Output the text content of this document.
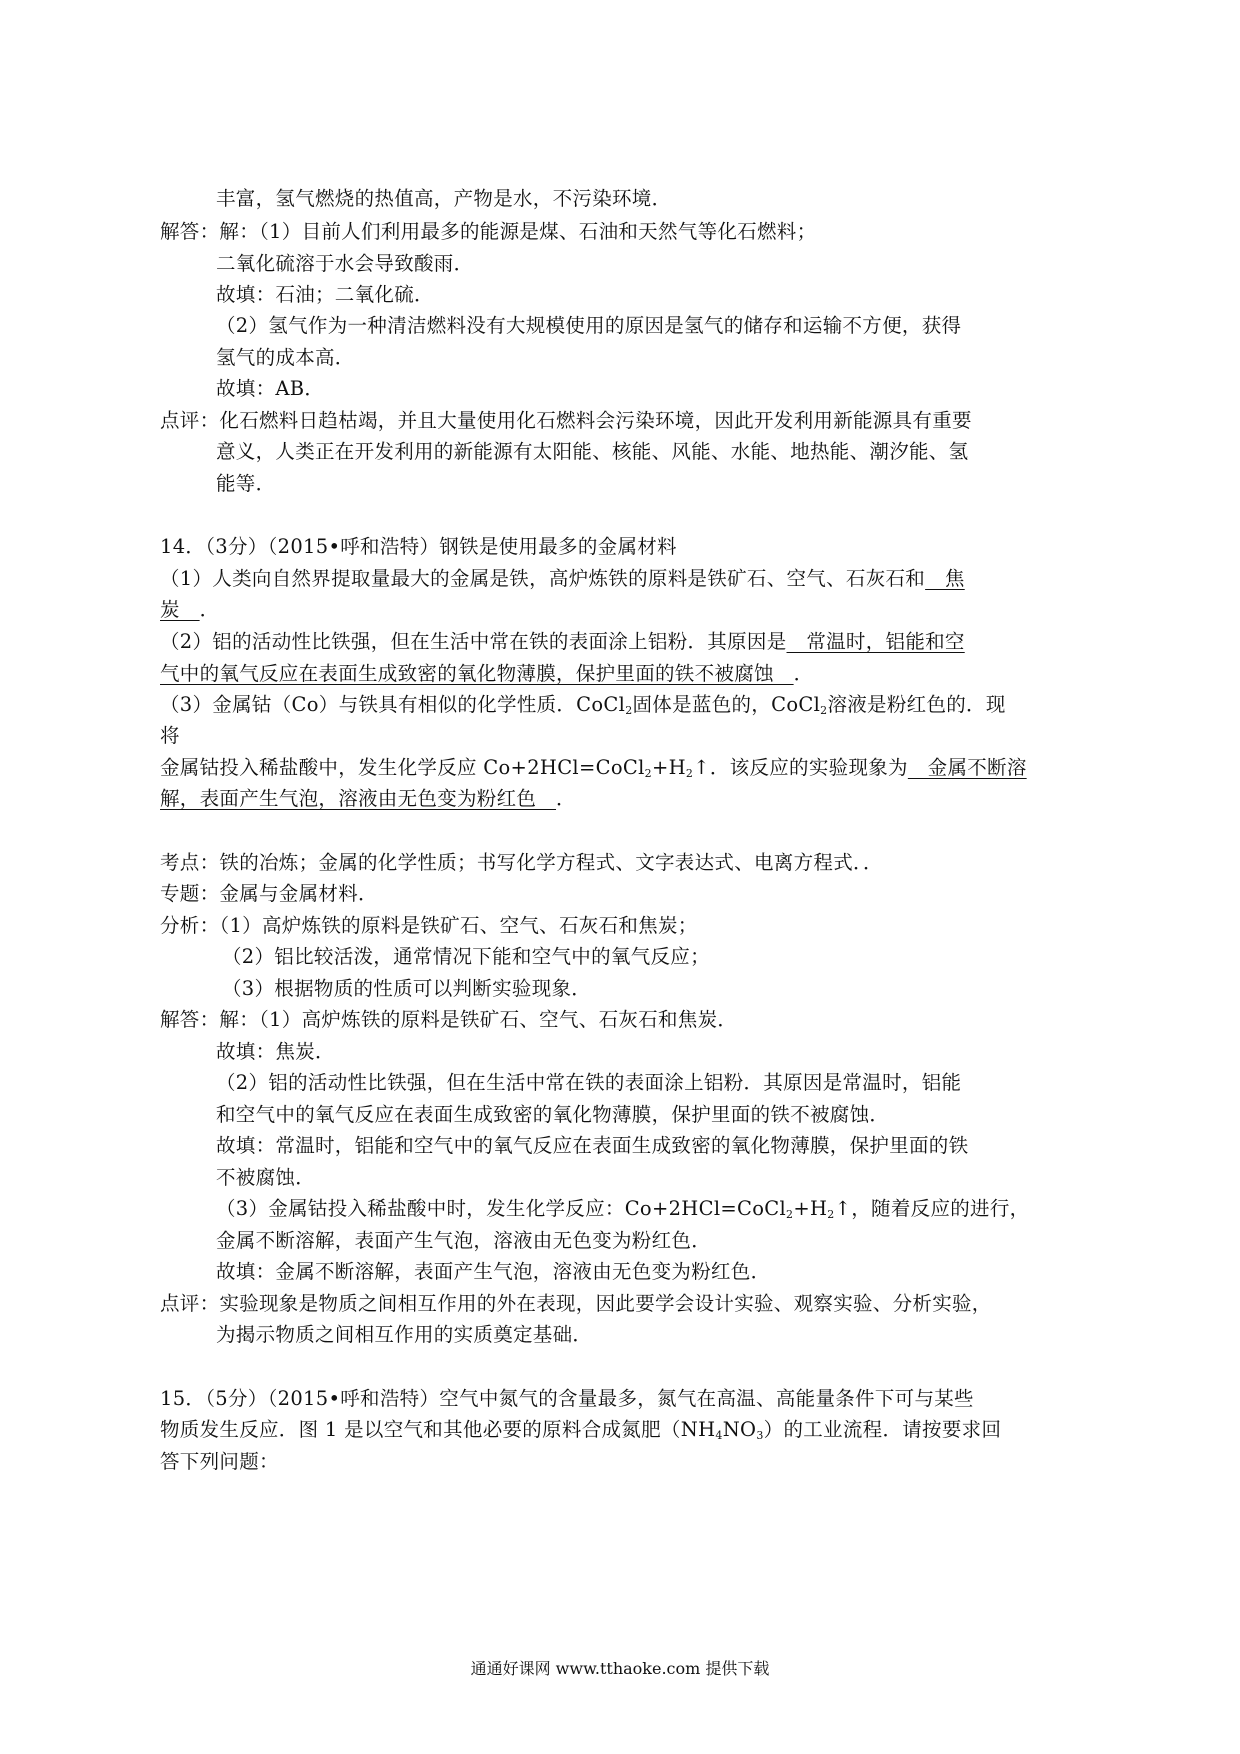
丰富，氢气燃烧的热值高，产物是水，不污染环境．
解答：解：（1）目前人们利用最多的能源是煤、石油和天然气等化石燃料；
二氧化硫溶于水会导致酸雨．
故填：石油；二氧化硫．
（2）氢气作为一种清洁燃料没有大规模使用的原因是氢气的储存和运输不方便，获得
氢气的成本高．
故填：AB．
点评：化石燃料日趋枯竭，并且大量使用化石燃料会污染环境，因此开发利用新能源具有重要
意义，人类正在开发利用的新能源有太阳能、核能、风能、水能、地热能、潮汐能、氢
能等．
14．（3分）（2015•呼和浩特）钢铁是使用最多的金属材料
（1）人类向自然界提取量最大的金属是铁，高炉炼铁的原料是铁矿石、空气、石灰石和　焦
炭　．
（2）铝的活动性比铁强，但在生活中常在铁的表面涂上铝粉．其原因是　常温时，铝能和空
气中的氧气反应在表面生成致密的氧化物薄膜，保护里面的铁不被腐蚀　．
（3）金属钴（Co）与铁具有相似的化学性质．CoCl$_2$固体是蓝色的，CoCl$_2$溶液是粉红色的．现
将
金属钴投入稀盐酸中，发生化学反应 $Co+2HCl=CoCl_2+H_2↑$．该反应的实验现象为　金属不断溶
解，表面产生气泡，溶液由无色变为粉红色　．
考点：铁的冶炼；金属的化学性质；书写化学方程式、文字表达式、电离方程式．．
专题：金属与金属材料．
分析：（1）高炉炼铁的原料是铁矿石、空气、石灰石和焦炭；
（2）铝比较活泼，通常情况下能和空气中的氧气反应；
（3）根据物质的性质可以判断实验现象．
解答：解：（1）高炉炼铁的原料是铁矿石、空气、石灰石和焦炭．
故填：焦炭．
（2）铝的活动性比铁强，但在生活中常在铁的表面涂上铝粉．其原因是常温时，铝能
和空气中的氧气反应在表面生成致密的氧化物薄膜，保护里面的铁不被腐蚀．
故填：常温时，铝能和空气中的氧气反应在表面生成致密的氧化物薄膜，保护里面的铁
不被腐蚀．
（3）金属钴投入稀盐酸中时，发生化学反应：$Co+2HCl=CoCl_2+H_2↑$，随着反应的进行，
金属不断溶解，表面产生气泡，溶液由无色变为粉红色．
故填：金属不断溶解，表面产生气泡，溶液由无色变为粉红色．
点评：实验现象是物质之间相互作用的外在表现，因此要学会设计实验、观察实验、分析实验，
为揭示物质之间相互作用的实质奠定基础．
15．（5分）（2015•呼和浩特）空气中氮气的含量最多，氮气在高温、高能量条件下可与某些
物质发生反应．图 1 是以空气和其他必要的原料合成氮肥$(NH_4NO_3)$的工业流程．请按要求回
答下列问题：
通通好课网 www.tthaoke.com 提供下载
